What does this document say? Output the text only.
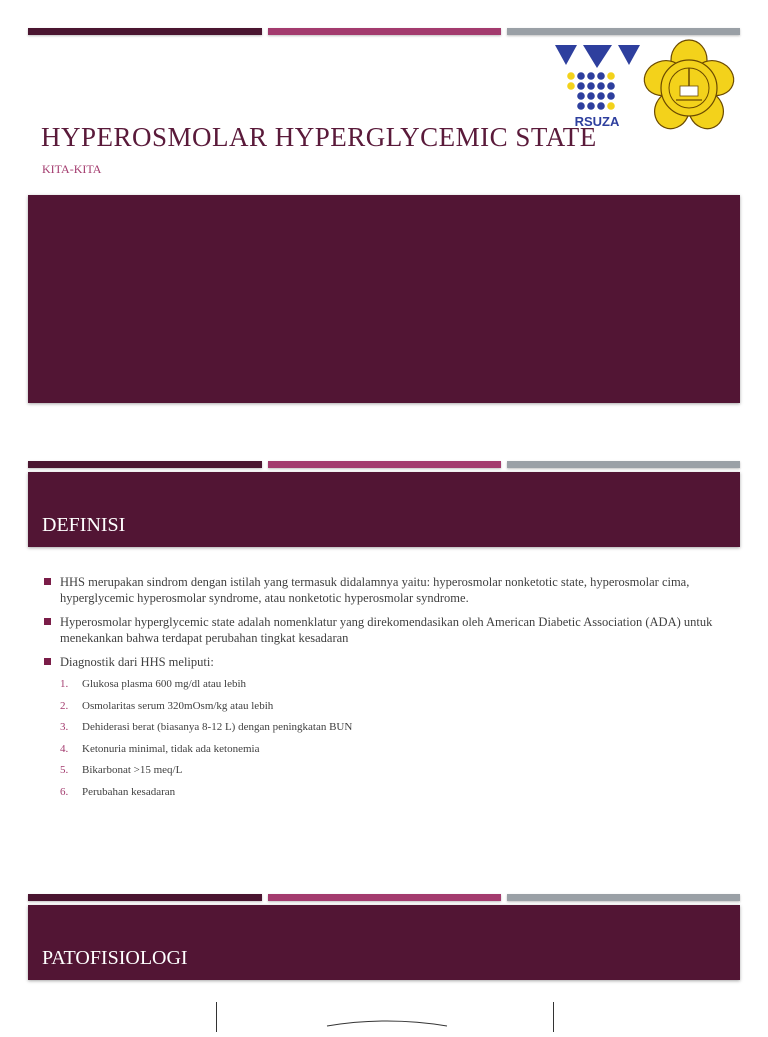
RSUZA
HYPEROSMOLAR HYPERGLYCEMIC STATE
KITA-KITA
DEFINISI
HHS merupakan sindrom dengan istilah yang termasuk didalamnya yaitu: hyperosmolar nonketotic state, hyperosmolar cima, hyperglycemic hyperosmolar syndrome, atau nonketotic hyperosmolar syndrome.
Hyperosmolar hyperglycemic state adalah nomenklatur yang direkomendasikan oleh American Diabetic Association (ADA) untuk menekankan bahwa terdapat perubahan tingkat kesadaran
Diagnostik dari HHS meliputi:
1.	Glukosa plasma 600 mg/dl atau lebih
2.	Osmolaritas serum 320mOsm/kg atau lebih
3.	Dehiderasi berat (biasanya 8-12 L) dengan peningkatan BUN
4.	Ketonuria minimal, tidak ada ketonemia
5.	Bikarbonat >15 meq/L
6.	Perubahan kesadaran
PATOFISIOLOGI
